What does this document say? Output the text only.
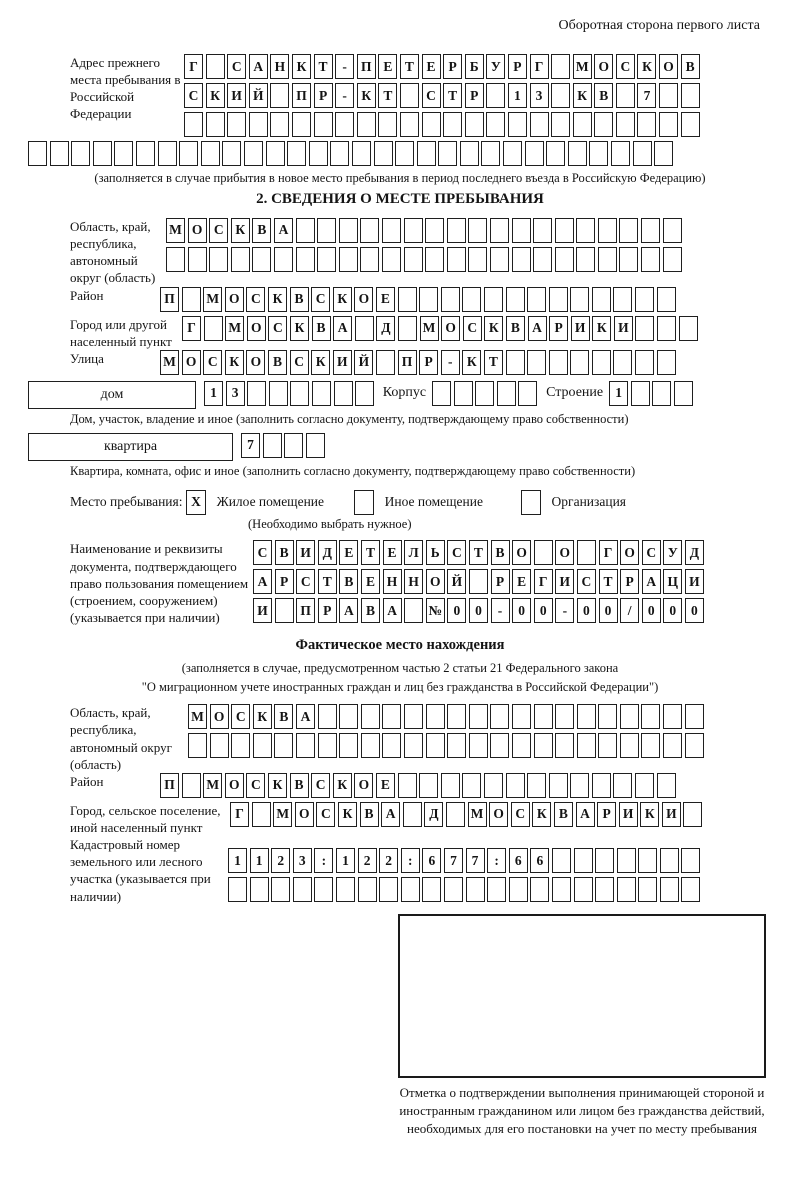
Оборотная сторона первого листа
Адрес прежнего места пребывания в Российской Федерации
Г	С А Н К Т	-	П Е Т Е Р Б У Р Г	М О С К О В
С К И Й	П Р	-	К Т	С Т Р	1	3	К В	7
(заполняется в случае прибытия в новое место пребывания в период последнего въезда в Российскую Федерацию)
2. СВЕДЕНИЯ О МЕСТЕ ПРЕБЫВАНИЯ
Область, край, республика, автономный округ (область)
М О С К В А
Район	П	М О С К В С К О Е
Город или другой населенный пункт
Г	М О С К В А	Д	М О С К В А Р И К И
Улица	М О С К О В С К И Й	П Р	-	К Т
дом	1	3	Корпус	Строение 1
Дом, участок, владение и иное (заполнить согласно документу, подтверждающему право собственности)
квартира	7
Квартира, комната, офис и иное (заполнить согласно документу, подтверждающему право собственности)
Место пребывания: X	Жилое помещение	Иное помещение	Организация
(Необходимо выбрать нужное)
Наименование и реквизиты документа, подтверждающего право пользования помещением (строением, сооружением) (указывается при наличии)
С В И Д Е Т Е Л Ь С Т В О	О	Г О С У Д
А Р С Т В Е Н Н О Й	Р Е Г И С Т Р А Ц И
И	П Р А В А	№ 0	0	-	0	0	-	0	0	/	0	0	0
Фактическое место нахождения
(заполняется в случае, предусмотренном частью 2 статьи 21 Федерального закона
"О миграционном учете иностранных граждан и лиц без гражданства в Российской Федерации")
Область, край, республика, автономный округ (область)
М О С К В А
Район	П	М О С К В С К О Е
Город, сельское поселение, иной населенный пункт
Г	М О С К В А	Д	М О С К В А Р И К И
Кадастровый номер земельного или лесного участка (указывается при наличии)
1	1	2	3	:	1	2	2	:	6	7	7	:	6	6
Отметка о подтверждении выполнения принимающей стороной и иностранным гражданином или лицом без гражданства действий, необходимых для его постановки на учет по месту пребывания
